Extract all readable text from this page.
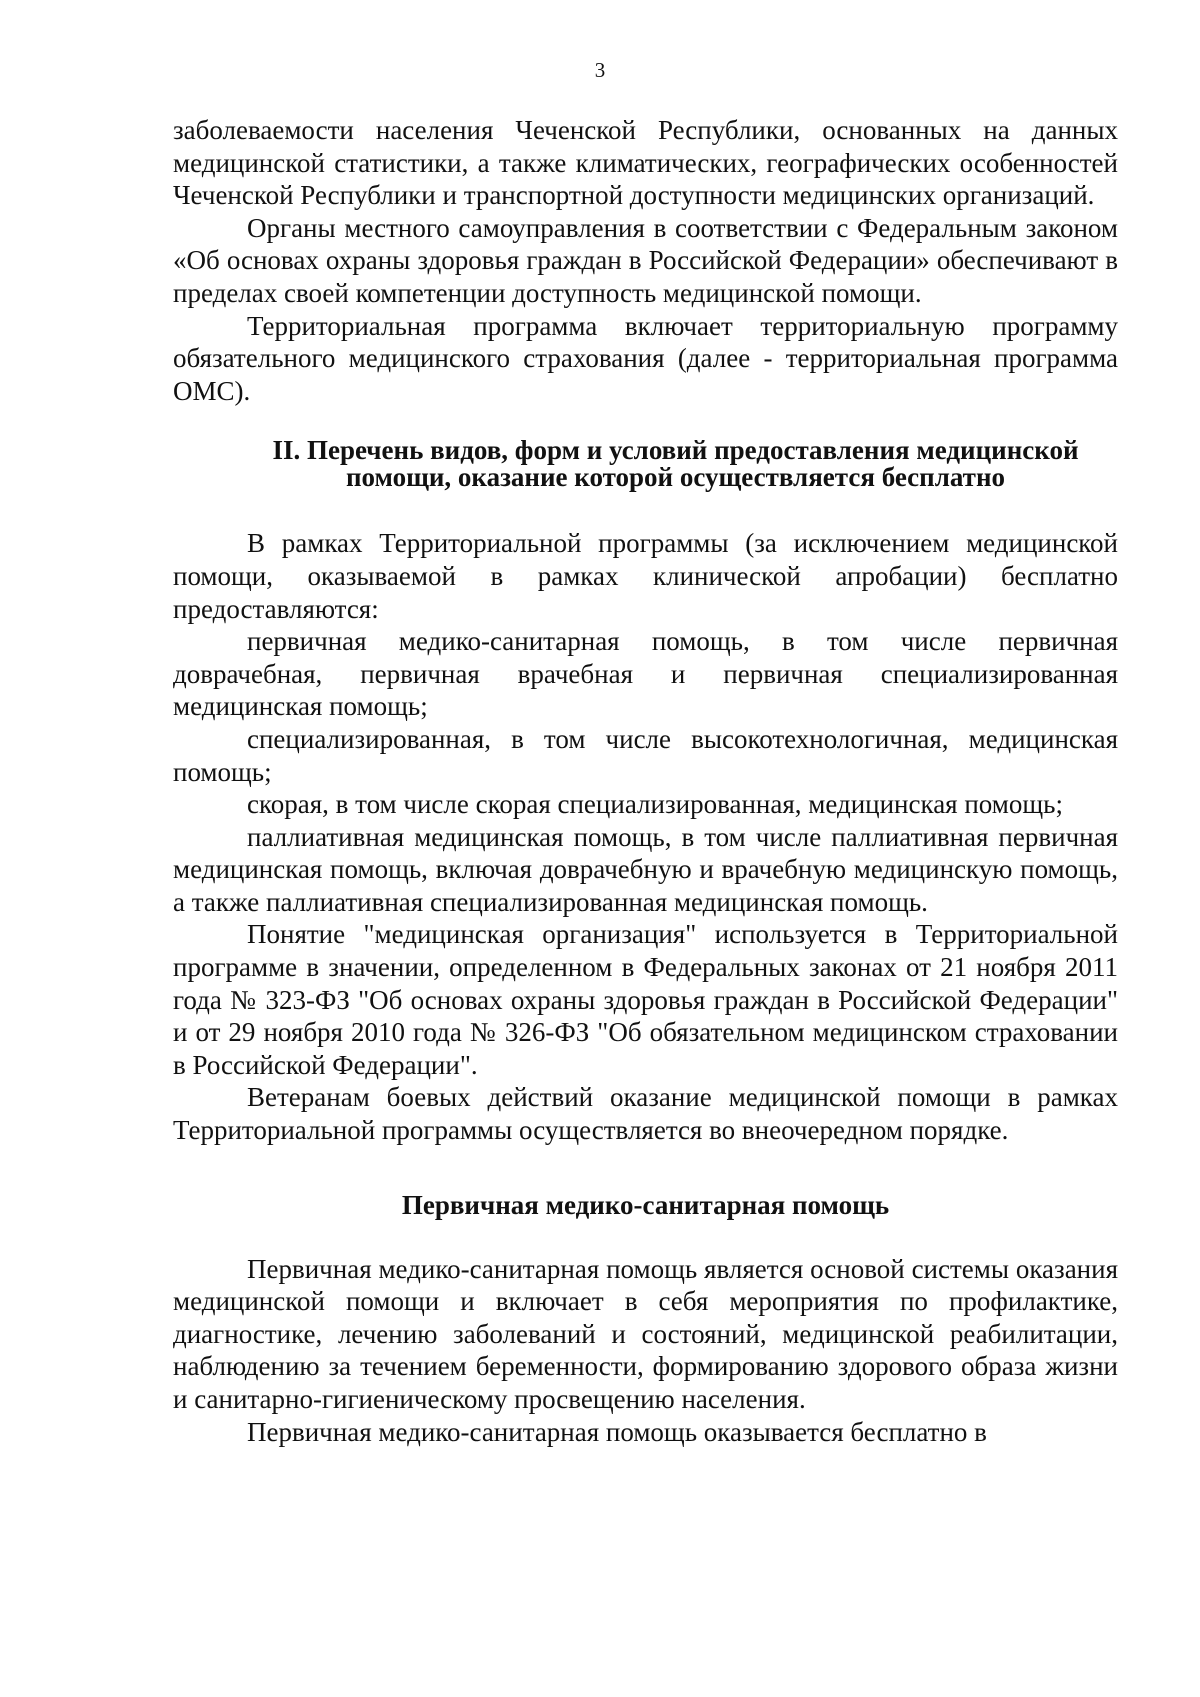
3

заболеваемости населения Чеченской Республики, основанных на данных медицинской статистики, а также климатических, географических особенностей Чеченской Республики и транспортной доступности медицинских организаций.

Органы местного самоуправления в соответствии с Федеральным законом «Об основах охраны здоровья граждан в Российской Федерации» обеспечивают в пределах своей компетенции доступность медицинской помощи.

Территориальная программа включает территориальную программу обязательного медицинского страхования (далее - территориальная программа ОМС).

II. Перечень видов, форм и условий предоставления медицинской
помощи, оказание которой осуществляется бесплатно

В рамках Территориальной программы (за исключением медицинской помощи, оказываемой в рамках клинической апробации) бесплатно предоставляются:

первичная медико-санитарная помощь, в том числе первичная доврачебная, первичная врачебная и первичная специализированная медицинская помощь;

специализированная, в том числе высокотехнологичная, медицинская помощь;

скорая, в том числе скорая специализированная, медицинская помощь;

паллиативная медицинская помощь, в том числе паллиативная первичная медицинская помощь, включая доврачебную и врачебную медицинскую помощь, а также паллиативная специализированная медицинская помощь.

Понятие "медицинская организация" используется в Территориальной программе в значении, определенном в Федеральных законах от 21 ноября 2011 года № 323-ФЗ "Об основах охраны здоровья граждан в Российской Федерации" и от 29 ноября 2010 года № 326-ФЗ "Об обязательном медицинском страховании в Российской Федерации".

Ветеранам боевых действий оказание медицинской помощи в рамках Территориальной программы осуществляется во внеочередном порядке.

Первичная медико-санитарная помощь

Первичная медико-санитарная помощь является основой системы оказания медицинской помощи и включает в себя мероприятия по профилактике, диагностике, лечению заболеваний и состояний, медицинской реабилитации, наблюдению за течением беременности, формированию здорового образа жизни и санитарно-гигиеническому просвещению населения.

Первичная медико-санитарная помощь оказывается бесплатно в
